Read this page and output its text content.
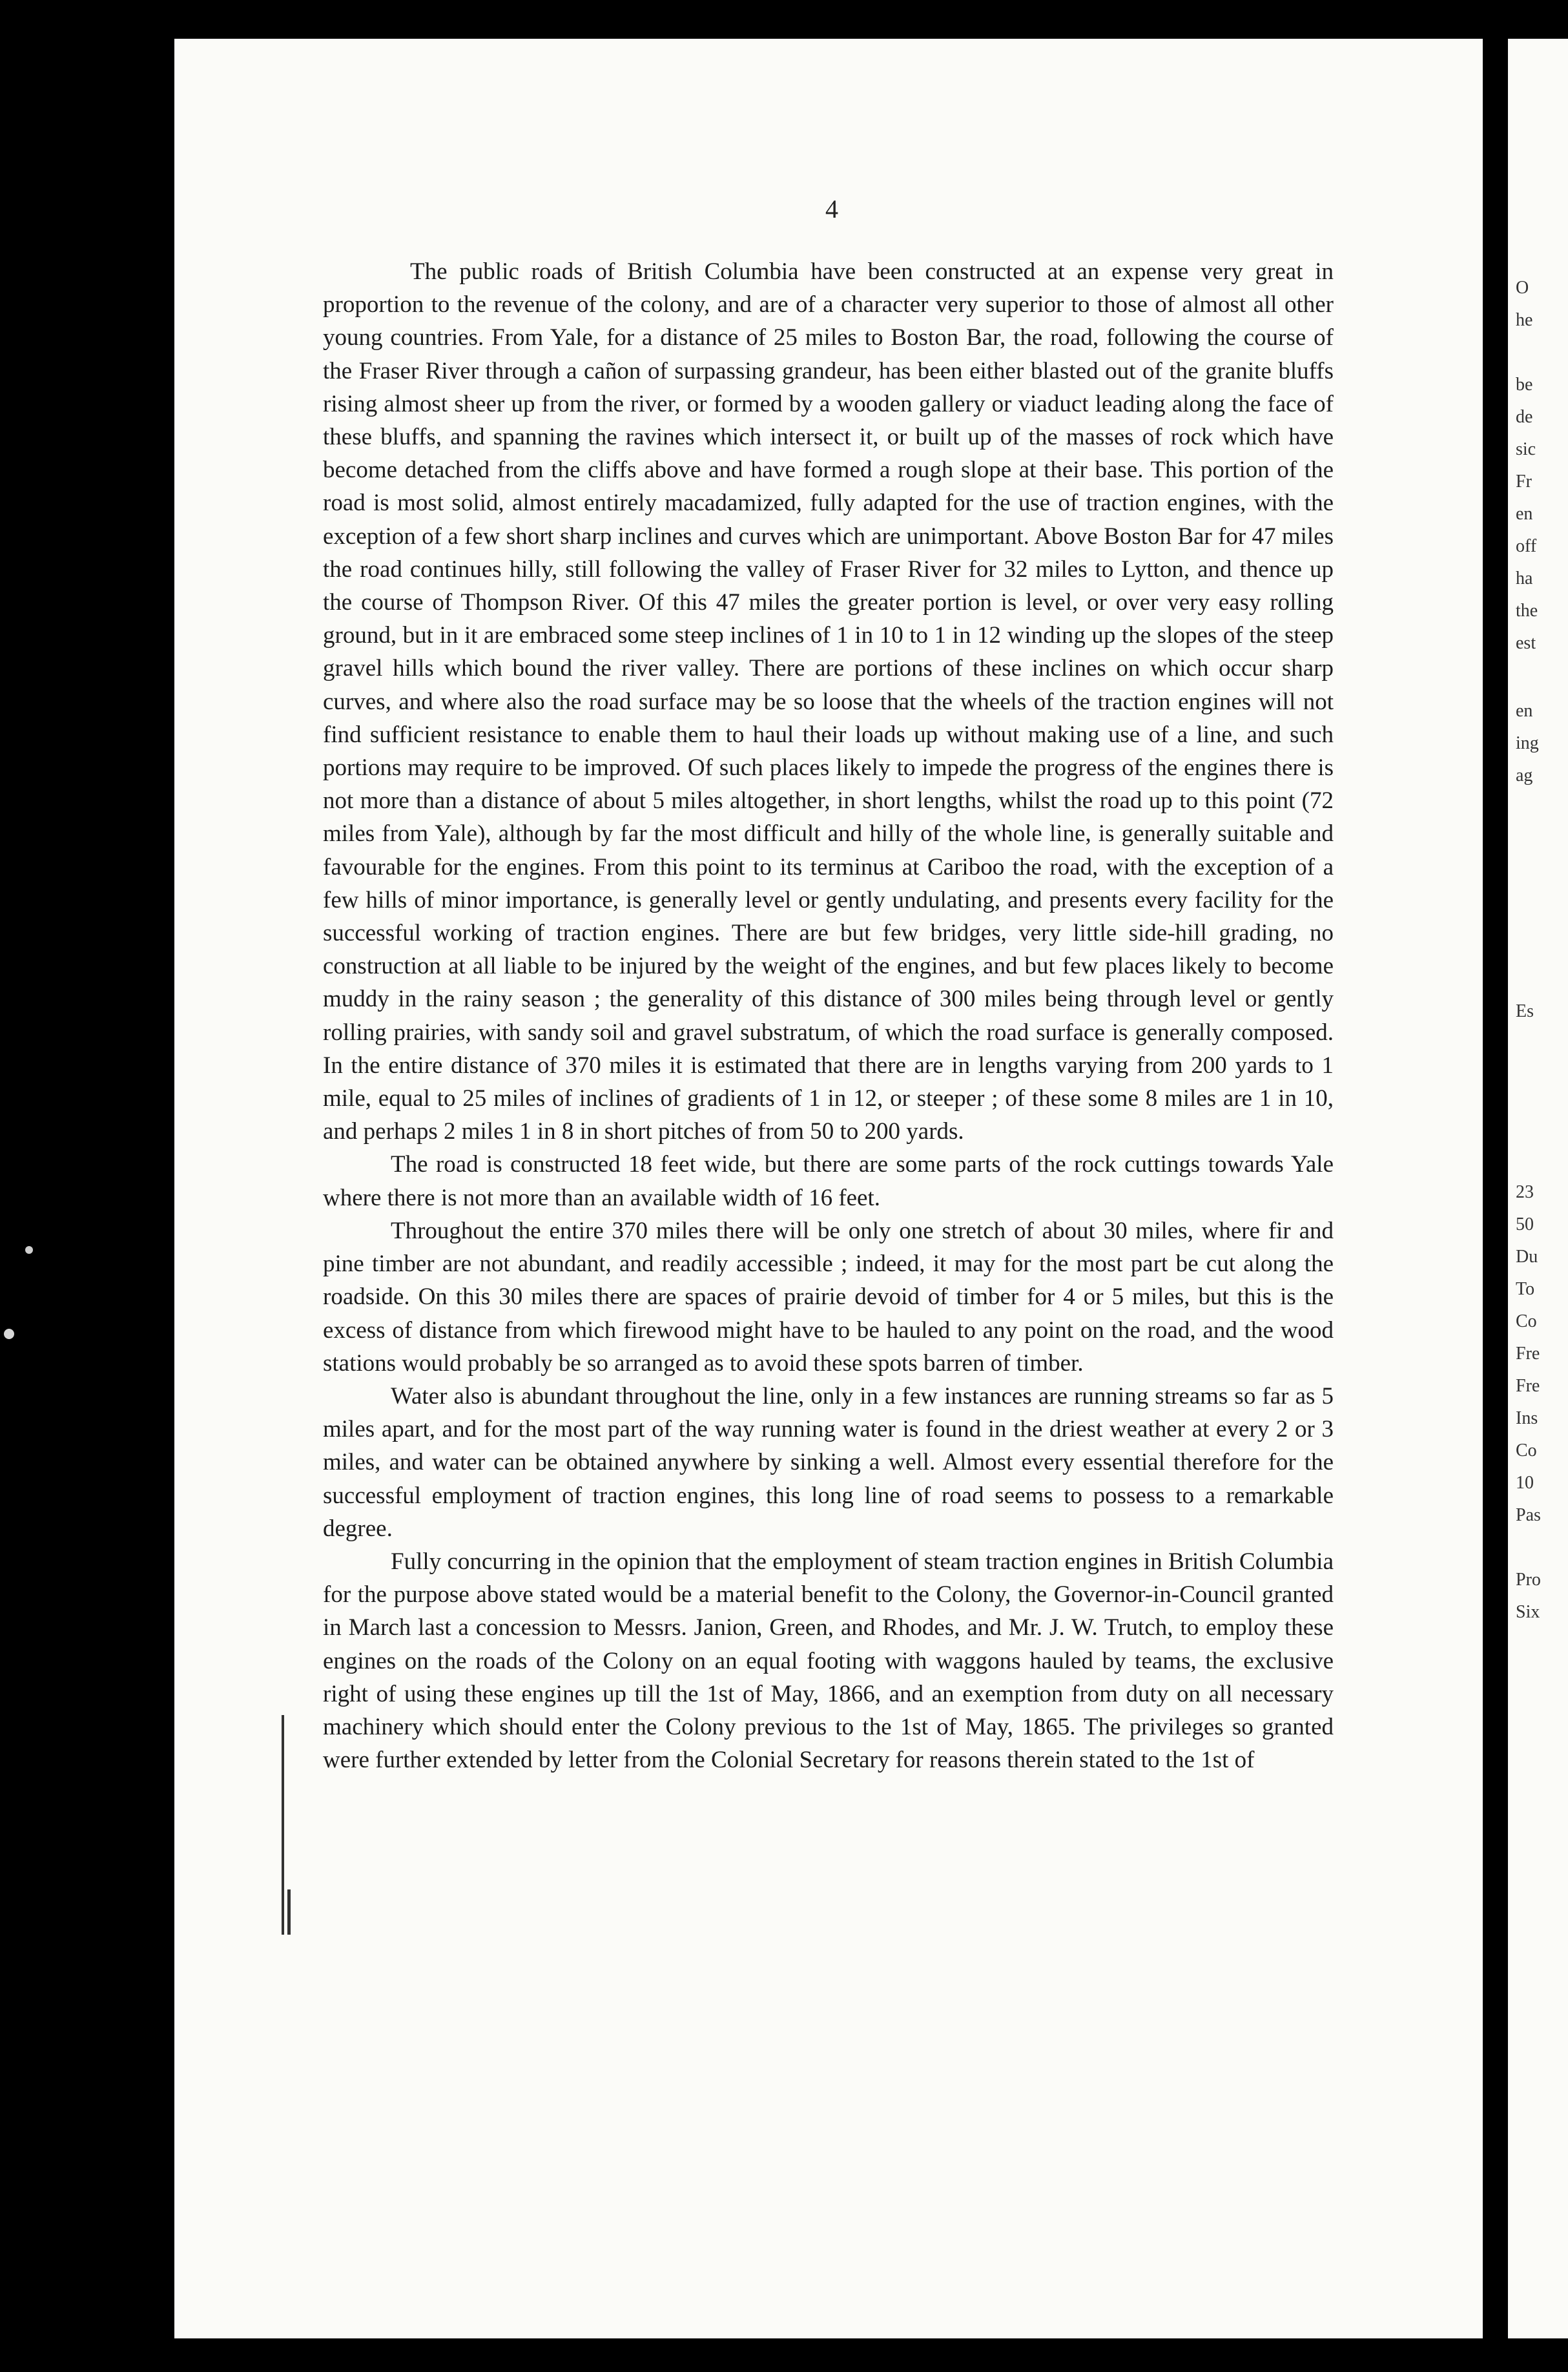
4

The public roads of British Columbia have been constructed at an expense very great in proportion to the revenue of the colony, and are of a character very superior to those of almost all other young countries. From Yale, for a distance of 25 miles to Boston Bar, the road, following the course of the Fraser River through a cañon of surpassing grandeur, has been either blasted out of the granite bluffs rising almost sheer up from the river, or formed by a wooden gallery or viaduct leading along the face of these bluffs, and spanning the ravines which intersect it, or built up of the masses of rock which have become detached from the cliffs above and have formed a rough slope at their base. This portion of the road is most solid, almost entirely macadamized, fully adapted for the use of traction engines, with the exception of a few short sharp inclines and curves which are unimportant. Above Boston Bar for 47 miles the road continues hilly, still following the valley of Fraser River for 32 miles to Lytton, and thence up the course of Thompson River. Of this 47 miles the greater portion is level, or over very easy rolling ground, but in it are embraced some steep inclines of 1 in 10 to 1 in 12 winding up the slopes of the steep gravel hills which bound the river valley. There are portions of these inclines on which occur sharp curves, and where also the road surface may be so loose that the wheels of the traction engines will not find sufficient resistance to enable them to haul their loads up without making use of a line, and such portions may require to be improved. Of such places likely to impede the progress of the engines there is not more than a distance of about 5 miles altogether, in short lengths, whilst the road up to this point (72 miles from Yale), although by far the most difficult and hilly of the whole line, is generally suitable and favourable for the engines. From this point to its terminus at Cariboo the road, with the exception of a few hills of minor importance, is generally level or gently undulating, and presents every facility for the successful working of traction engines. There are but few bridges, very little side-hill grading, no construction at all liable to be injured by the weight of the engines, and but few places likely to become muddy in the rainy season ; the generality of this distance of 300 miles being through level or gently rolling prairies, with sandy soil and gravel substratum, of which the road surface is generally composed. In the entire distance of 370 miles it is estimated that there are in lengths varying from 200 yards to 1 mile, equal to 25 miles of inclines of gradients of 1 in 12, or steeper ; of these some 8 miles are 1 in 10, and perhaps 2 miles 1 in 8 in short pitches of from 50 to 200 yards.

The road is constructed 18 feet wide, but there are some parts of the rock cuttings towards Yale where there is not more than an available width of 16 feet.

Throughout the entire 370 miles there will be only one stretch of about 30 miles, where fir and pine timber are not abundant, and readily accessible ; indeed, it may for the most part be cut along the roadside. On this 30 miles there are spaces of prairie devoid of timber for 4 or 5 miles, but this is the excess of distance from which firewood might have to be hauled to any point on the road, and the wood stations would probably be so arranged as to avoid these spots barren of timber.

Water also is abundant throughout the line, only in a few instances are running streams so far as 5 miles apart, and for the most part of the way running water is found in the driest weather at every 2 or 3 miles, and water can be obtained anywhere by sinking a well. Almost every essential therefore for the successful employment of traction engines, this long line of road seems to possess to a remarkable degree.

Fully concurring in the opinion that the employment of steam traction engines in British Columbia for the purpose above stated would be a material benefit to the Colony, the Governor-in-Council granted in March last a concession to Messrs. Janion, Green, and Rhodes, and Mr. J. W. Trutch, to employ these engines on the roads of the Colony on an equal footing with waggons hauled by teams, the exclusive right of using these engines up till the 1st of May, 1866, and an exemption from duty on all necessary machinery which should enter the Colony previous to the 1st of May, 1865. The privileges so granted were further extended by letter from the Colonial Secretary for reasons therein stated to the 1st of

O
he
be
de
sic
Fr
en
off
ha
the
est
en
ing
ag
Es
23
50
Du
To
Co
Fre
Fre
Ins
Co
10
Pas
Pro
Six
